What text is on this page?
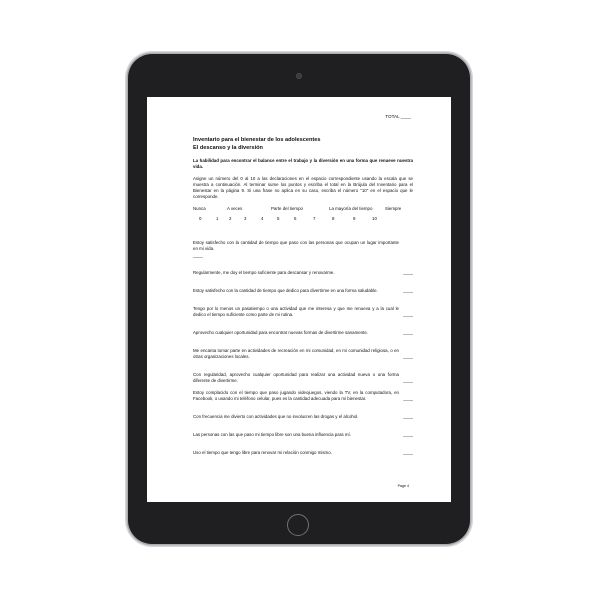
TOTAL ____
Inventario para el bienestar de los adolescentes
El descanso y la diversión
La habilidad para encontrar el balance entre el trabajo y la diversión en una forma que renueve nuestra vida.
Asigne un número del 0 al 10 a las declaraciones en el espacio correspondiente usando la escala que se muestra a continuación. Al terminar sume los puntos y escriba el total en la Brújula del Inventario para el Bienestar en la página 9. Si una frase no aplica en su caso, escriba el número "10" en el espacio que le corresponde.
Nunca	A veces	Parte del tiempo	La mayoría del tiempo	Siempre
0	1 2	3	4	5	6	7	8	9	10
Estoy satisfecho con la cantidad de tiempo que paso con las personas que ocupan un lugar importante en mi vida.
____
Regularmente, me doy el tiempo suficiente para descansar y renovarme.	____
Estoy satisfecho con la cantidad de tiempo que dedico para divertirme en una forma saludable.	____
Tengo por lo menos un pasatiempo o una actividad que me interesa y que me renueva y a la cual le dedico el tiempo suficiente como parte de mi rutina.	____
Aprovecho cualquier oportunidad para encontrar nuevas formas de divertirme sanamente.	____
Me encanta tomar parte en actividades de recreación en mi comunidad, en mi comunidad religiosa, o en otras organizaciones locales.	____
Con regularidad, aprovecho cualquier oportunidad para realizar una actividad nueva o una forma diferente de divertirme.	____
Estoy complacido con el tiempo que paso jugando videojuegos, viendo la TV, en la computadora, en Facebook, o usando mi teléfono celular, pues es la cantidad adecuada para mi bienestar.	____
Con frecuencia me divierto con actividades que no involucren las drogas y el alcohol.	____
Las personas con las que paso mi tiempo libre son una buena influencia para mí.	____
Uso el tiempo que tengo libre para renovar mi relación conmigo mismo.	____
Page 4
